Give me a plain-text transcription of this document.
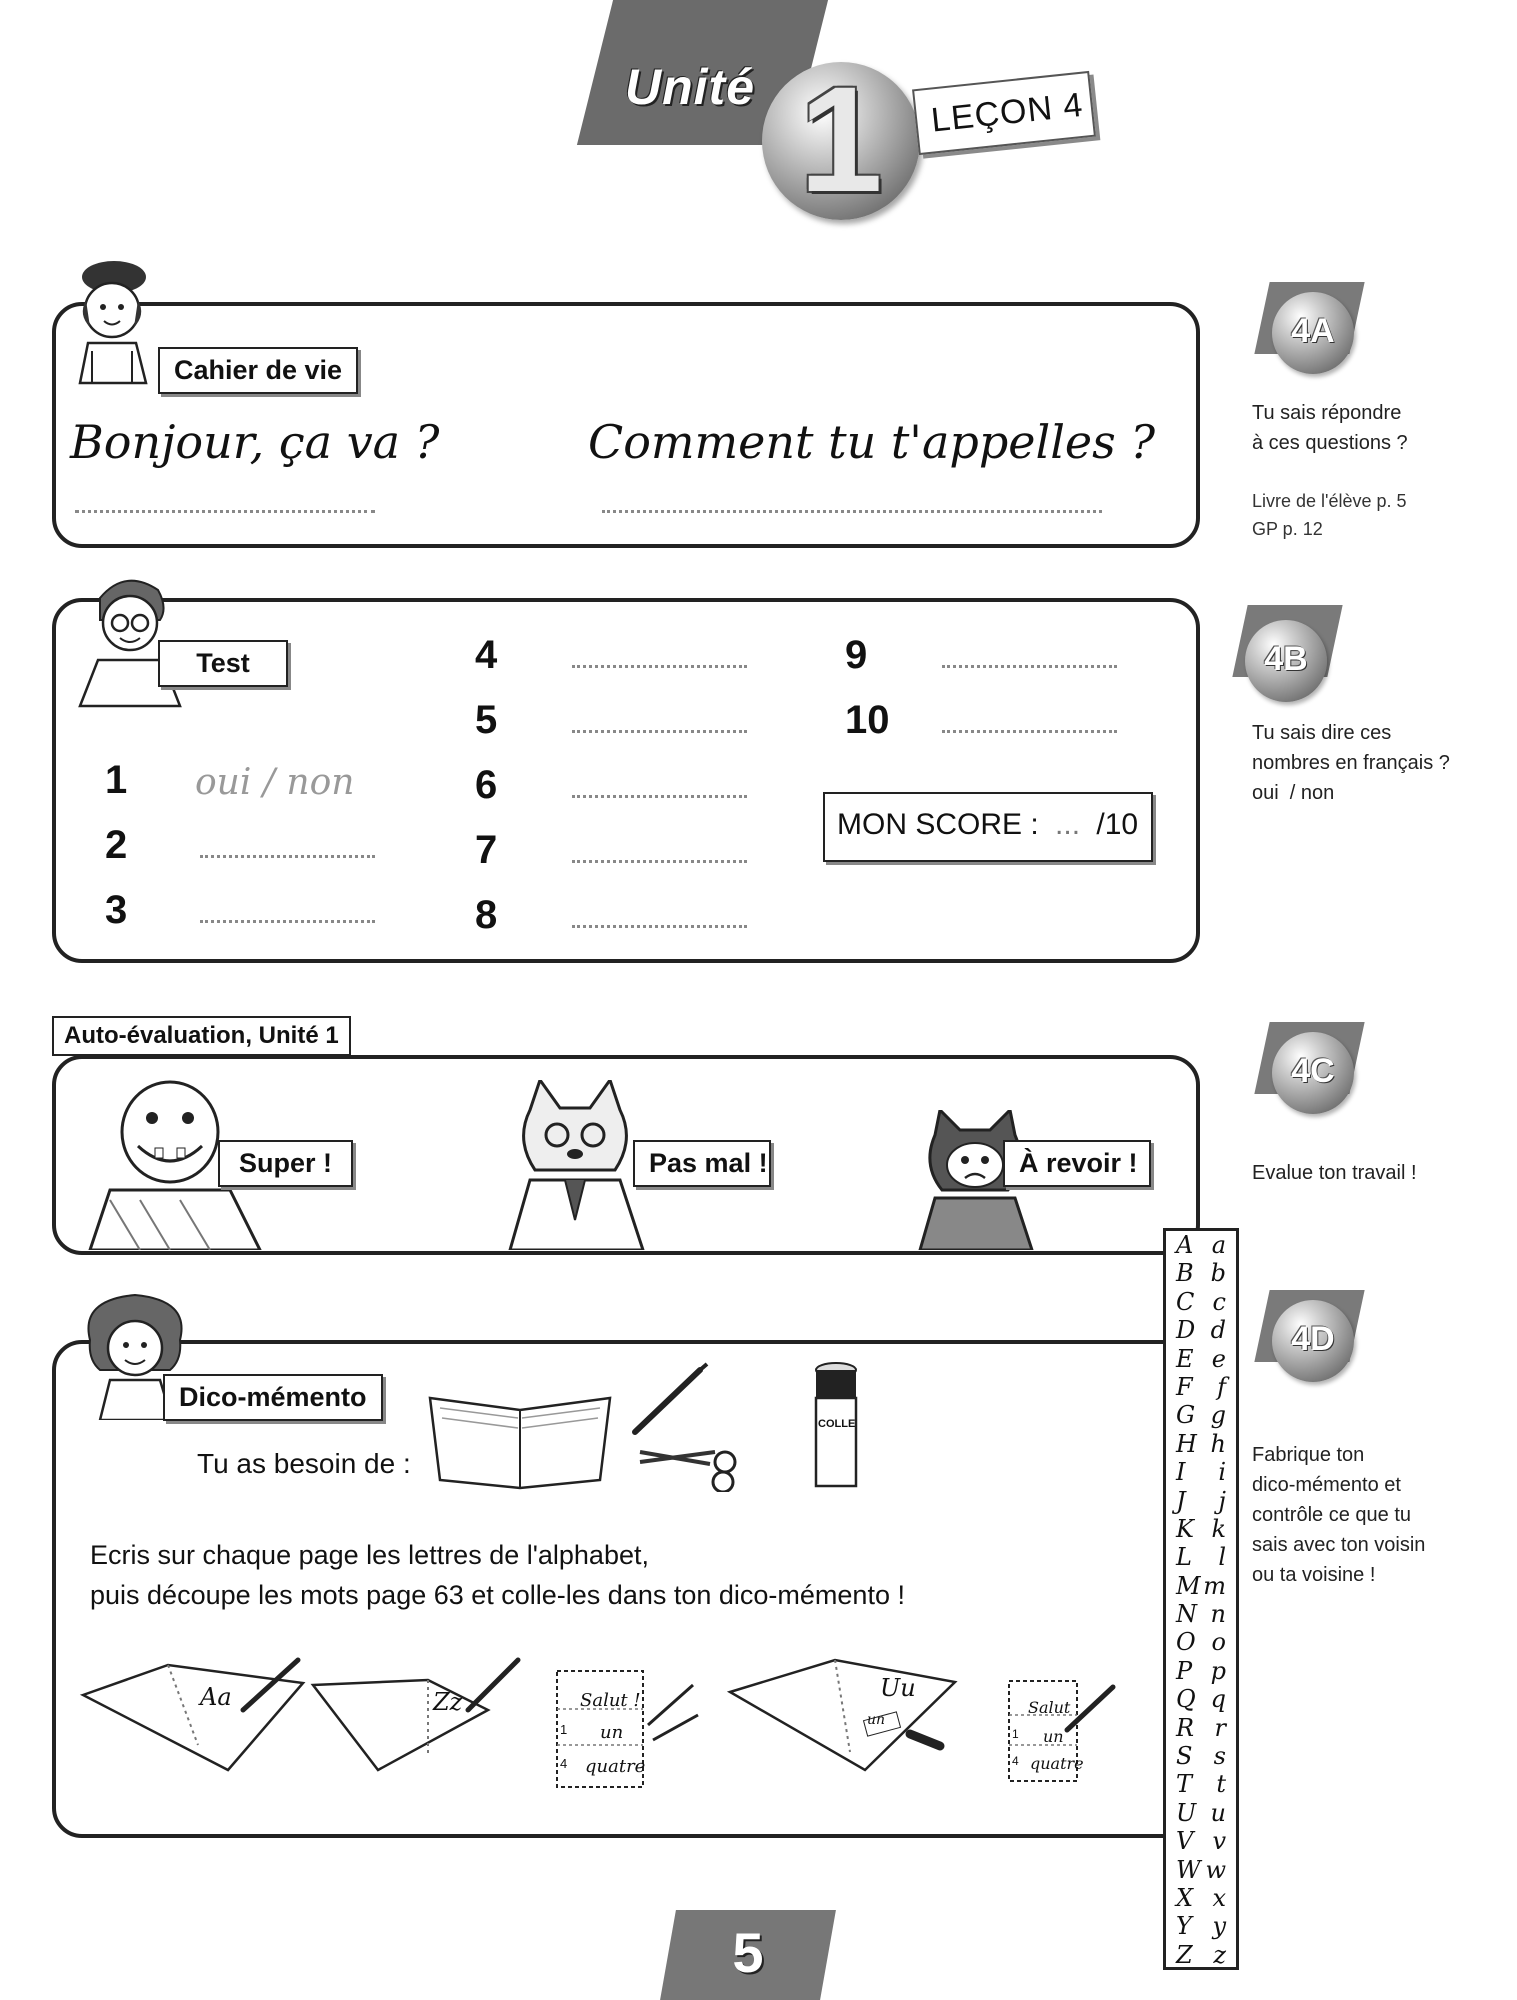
Unité 1	LEÇON 4
Cahier de vie
Bonjour, ça va ?	Comment tu t'appelles ?
4A
Tu sais répondre
à ces questions ?
Livre de l'élève p. 5
GP p. 12
Test
1 oui / non
2
3
4
5
6
7
8
9
10
MON SCORE : ... /10
4B
Tu sais dire ces
nombres en français ?
oui  / non
Auto-évaluation, Unité 1
Super !	Pas mal !	À revoir !
4C
Evalue ton travail !
Dico-mémento
Tu as besoin de :
COLLE
Ecris sur chaque page les lettres de l'alphabet,
puis découpe les mots page 63 et colle-les dans ton dico-mémento !
Aa	Zz	Salut !
1 un
4 quatre
Uu
un
Salut
1 un
4 quatre
4D
Fabrique ton
dico-mémento et
contrôle ce que tu
sais avec ton voisin
ou ta voisine !
A a
B b
C c
D d
E e
F f
G g
H h
I i
J j
K k
L l
M m
N n
O o
P p
Q q
R r
S s
T t
U u
V v
W w
X x
Y y
Z z
5
